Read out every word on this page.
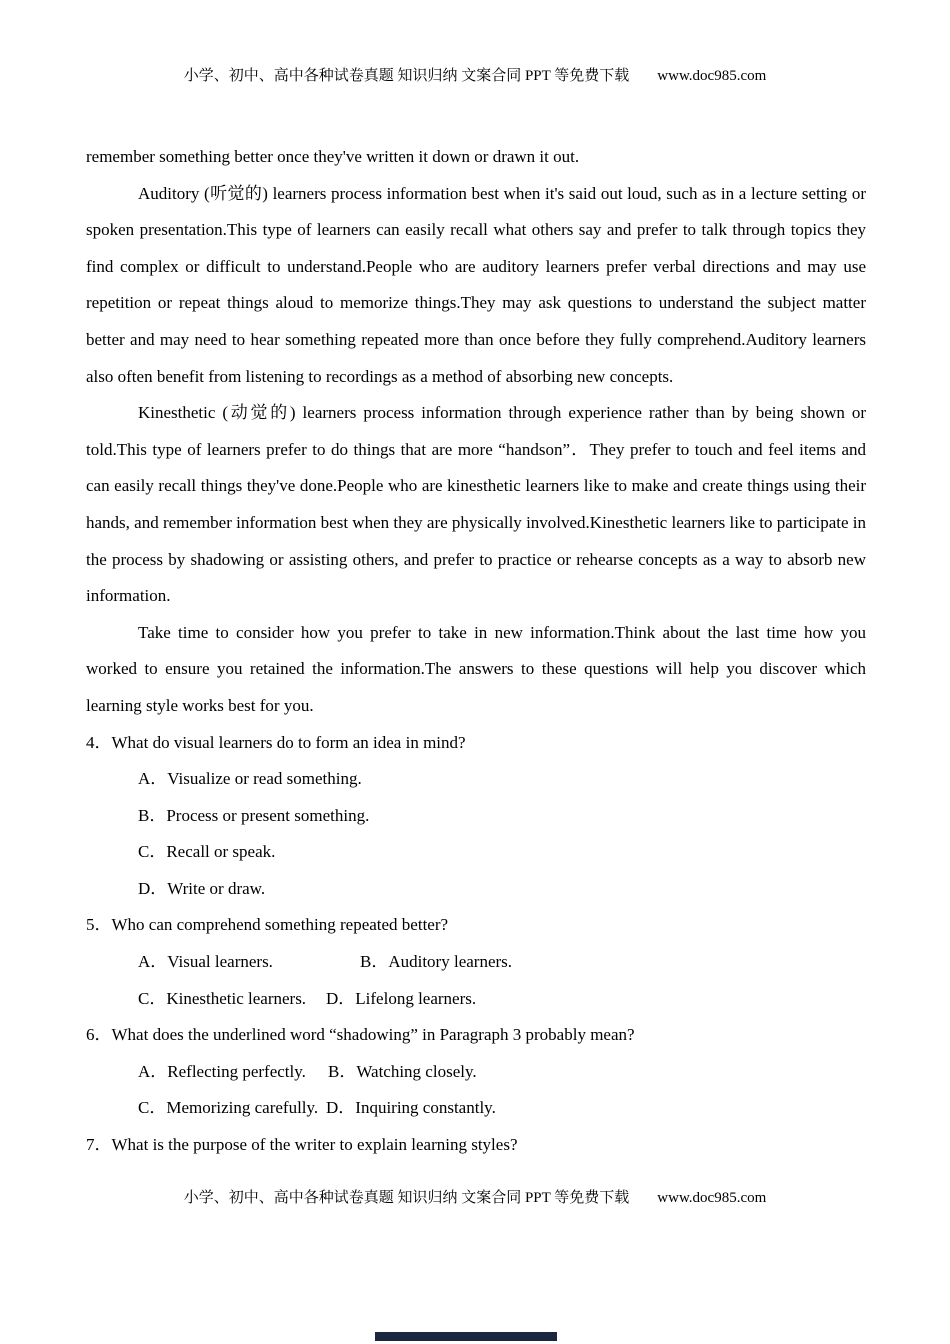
小学、初中、高中各种试卷真题 知识归纳 文案合同 PPT 等免费下载 www.doc985.com

remember something better once they've written it down or drawn it out.

Auditory (听觉的) learners process information best when it's said out loud, such as in a lecture setting or spoken presentation.This type of learners can easily recall what others say and prefer to talk through topics they find complex or difficult to understand.People who are auditory learners prefer verbal directions and may use repetition or repeat things aloud to memorize things.They may ask questions to understand the subject matter better and may need to hear something repeated more than once before they fully comprehend.Auditory learners also often benefit from listening to recordings as a method of absorbing new concepts.

Kinesthetic (动觉的) learners process information through experience rather than by being shown or told.This type of learners prefer to do things that are more “handson”．They prefer to touch and feel items and can easily recall things they've done.People who are kinesthetic learners like to make and create things using their hands, and remember information best when they are physically involved.Kinesthetic learners like to participate in the process by shadowing or assisting others, and prefer to practice or rehearse concepts as a way to absorb new information.

Take time to consider how you prefer to take in new information.Think about the last time how you worked to ensure you retained the information.The answers to these questions will help you discover which learning style works best for you.

4．What do visual learners do to form an idea in mind?

A．Visualize or read something.

B．Process or present something.

C．Recall or speak.

D．Write or draw.

5．Who can comprehend something repeated better?

A．Visual learners.	B．Auditory learners.

C．Kinesthetic learners. D．Lifelong learners.

6．What does the underlined word “shadowing” in Paragraph 3 probably mean?

A．Reflecting perfectly. B．Watching closely.

C．Memorizing carefully. D．Inquiring constantly.

7．What is the purpose of the writer to explain learning styles?

小学、初中、高中各种试卷真题 知识归纳 文案合同 PPT 等免费下载 www.doc985.com
